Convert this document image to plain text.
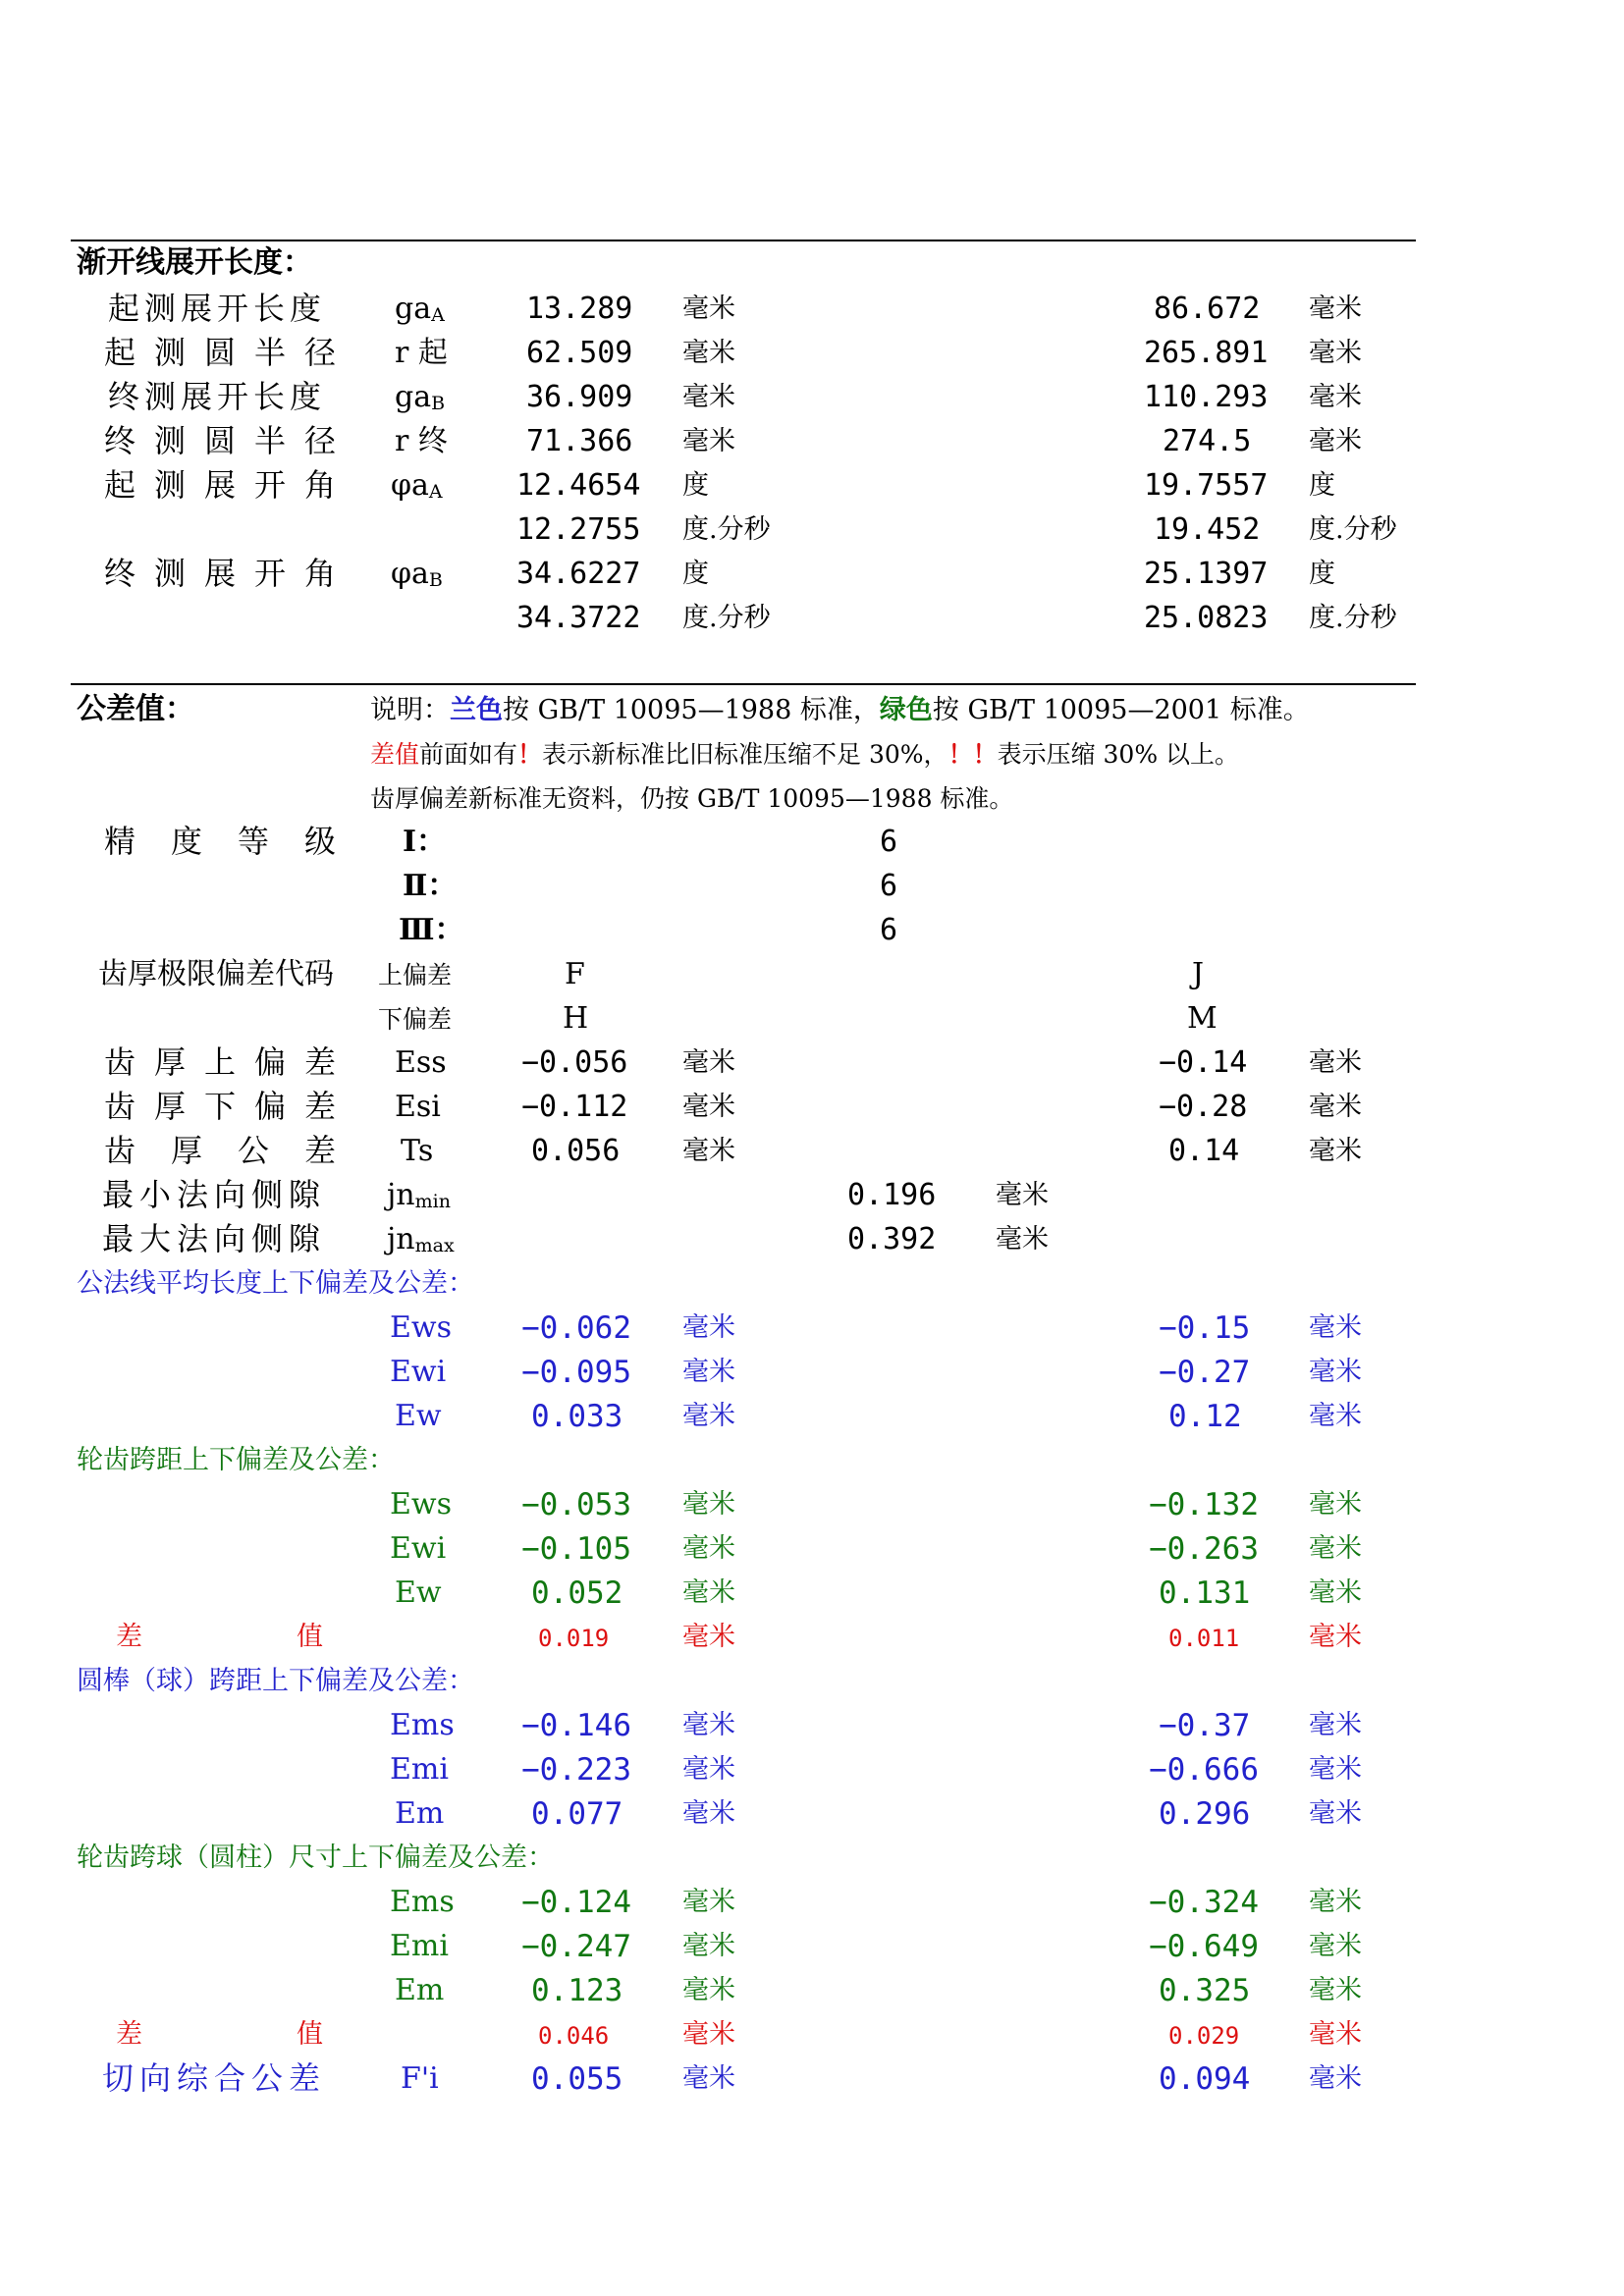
渐开线展开长度：
起测展开长度 $ga_A$	13.289 毫米	86.672 毫米
起测圆半径 r 起	62.509 毫米	265.891 毫米
终测展开长度 $ga_B$	36.909 毫米	110.293 毫米
终测圆半径 r 终	71.366 毫米	274.5 毫米
起测展开角 $\varphi a_A$	12.4654 度	19.7557 度
12.2755 度.分秒	19.452 度.分秒
终测展开角 $\varphi a_B$	34.6227 度	25.1397 度
34.3722 度.分秒	25.0823 度.分秒
公差值：	说明：兰色按 GB/T 10095—1988 标准，绿色按 GB/T 10095—2001 标准。
差值前面如有！表示新标准比旧标准压缩不足 30%，！！表示压缩 30% 以上。
齿厚偏差新标准无资料，仍按 GB/T 10095—1988 标准。
精度等级 Ⅰ：	6
Ⅱ：	6
Ⅲ：	6
齿厚极限偏差代码 上偏差	F	J
下偏差	H	M
齿厚上偏差 Ess	−0.056 毫米	−0.14 毫米
齿厚下偏差 Esi	−0.112 毫米	−0.28 毫米
齿厚公差 Ts	0.056 毫米	0.14	毫米
最小法向侧隙 $jn_{min}$	0.196 毫米
最大法向侧隙 $jn_{max}$	0.392 毫米
公法线平均长度上下偏差及公差：
Ews −0.062 毫米	−0.15 毫米
Ewi −0.095 毫米	−0.27 毫米
Ew	0.033 毫米	0.12	毫米
轮齿跨距上下偏差及公差：
Ews −0.053 毫米	−0.132 毫米
Ewi −0.105 毫米	−0.263 毫米
Ew	0.052 毫米	0.131 毫米
差	值	0.019	毫米	0.011	毫米
圆棒（球）跨距上下偏差及公差：
Ems −0.146 毫米	−0.37 毫米
Emi −0.223 毫米	−0.666 毫米
Em	0.077 毫米	0.296 毫米
轮齿跨球（圆柱）尺寸上下偏差及公差：
Ems −0.124 毫米	−0.324 毫米
Emi −0.247 毫米	−0.649 毫米
Em	0.123 毫米	0.325 毫米
差	值	0.046	毫米	0.029	毫米
切向综合公差	F'i	0.055 毫米	0.094 毫米
